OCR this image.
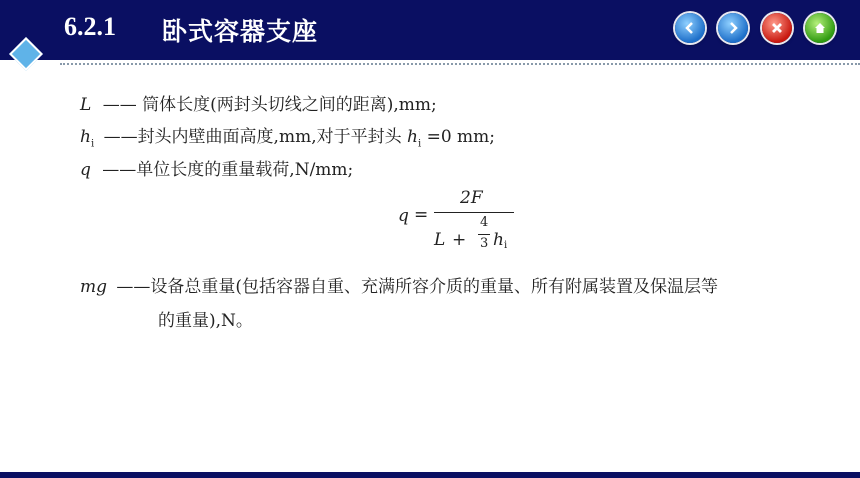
6.2.1 卧式容器支座
L —— 筒体长度(两封头切线之间的距离),mm;
$h_i$ ——封头内壁曲面高度,mm,对于平封头 $h_i =0$ mm;
q ——单位长度的重量载荷,N/mm;
q =
2F
L +
4
3 h i
mg ——设备总重量(包括容器自重、充满所容介质的重量、所有附属装置及保温层等
的重量),N。
